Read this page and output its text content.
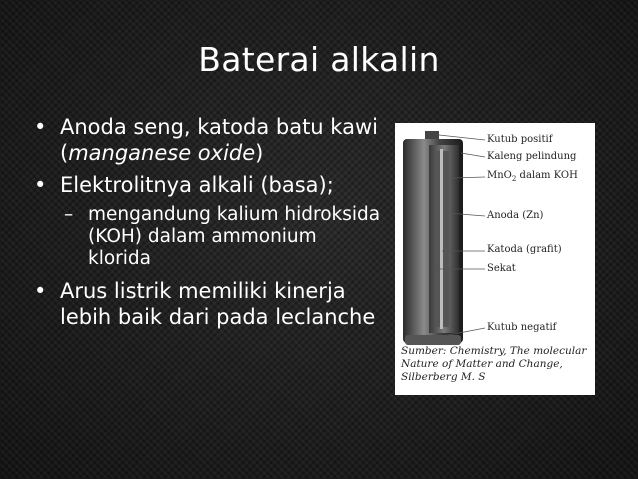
Baterai alkalin
• Anoda seng, katoda batu kawi (manganese oxide)
• Elektrolitnya alkali (basa);
– mengandung kalium hidroksida (KOH) dalam ammonium klorida
• Arus listrik memiliki kinerja lebih baik dari pada leclanche
Kutub positif
Kaleng pelindung
MnO$_2$ dalam KOH
Anoda (Zn)
Katoda (grafit)
Sekat
Kutub negatif
Sumber: Chemistry, The molecular Nature of Matter and Change, Silberberg M. S
